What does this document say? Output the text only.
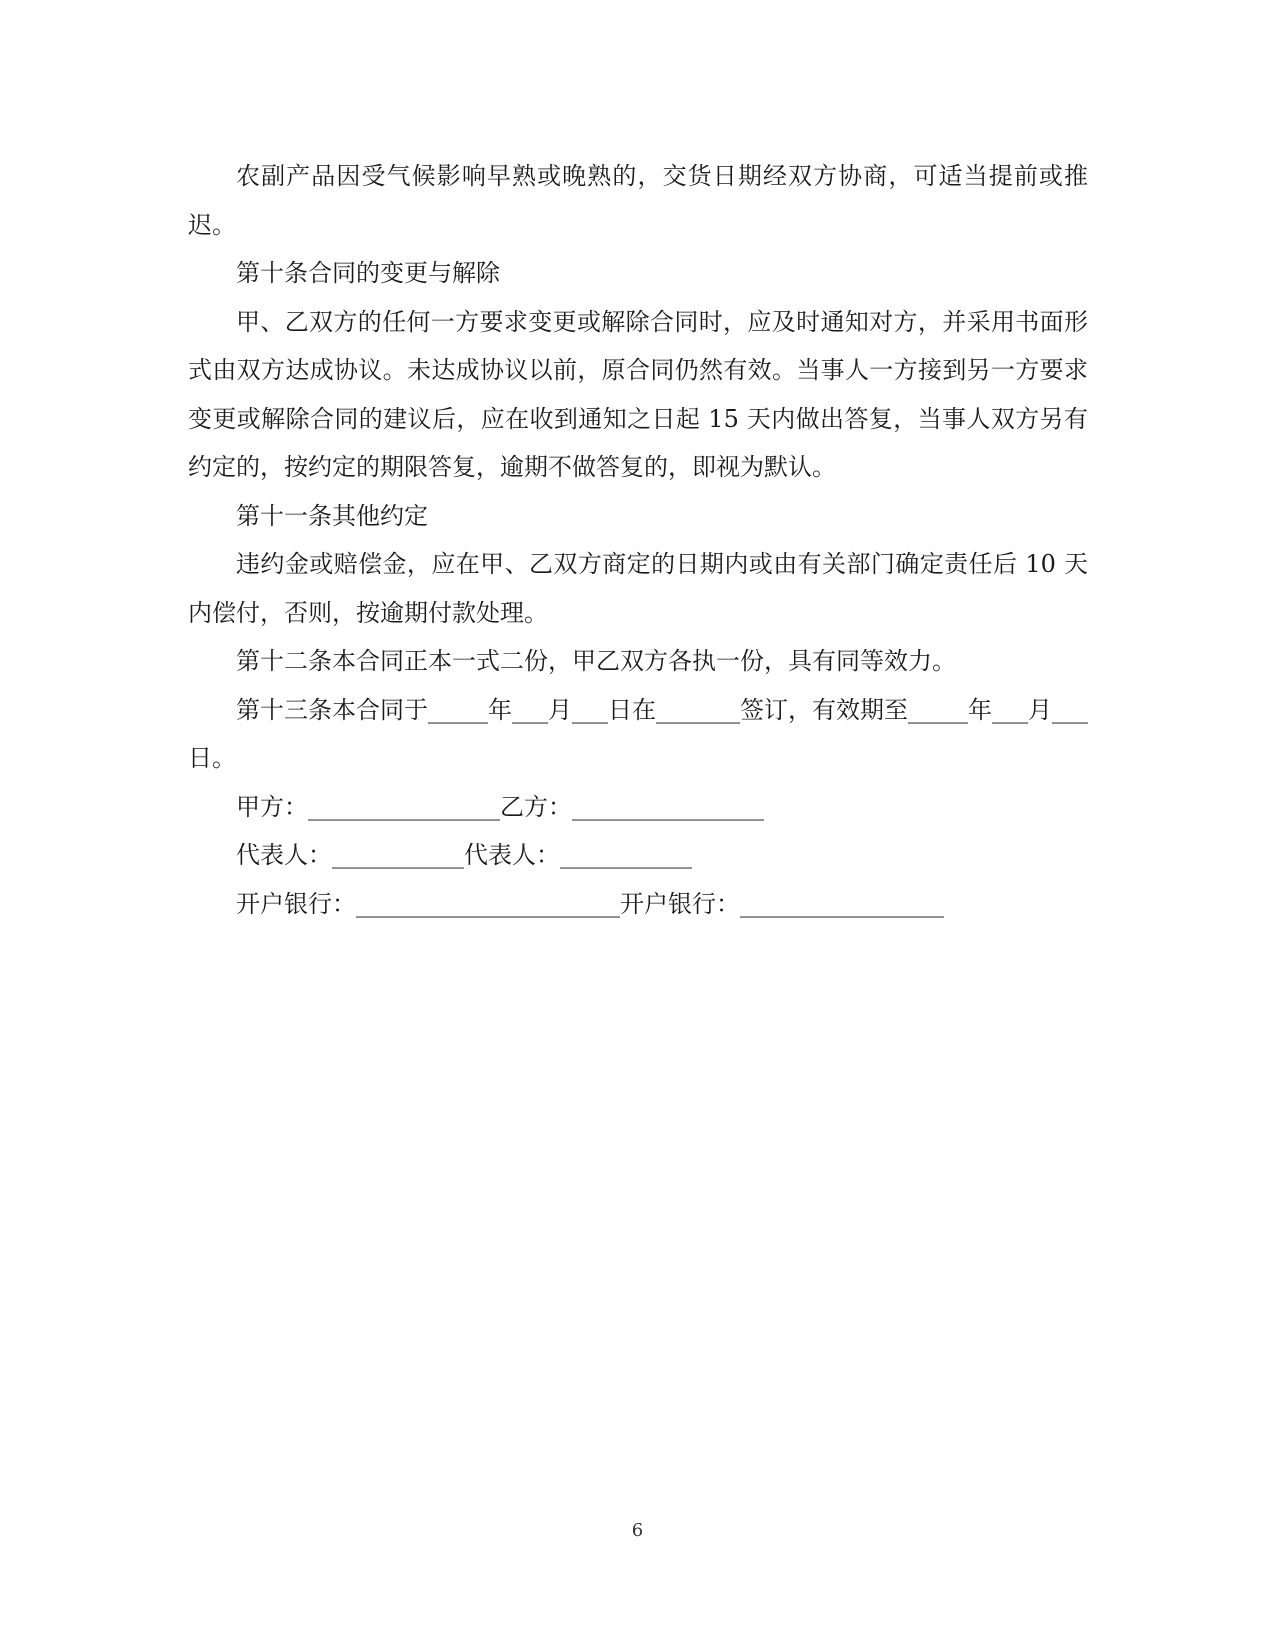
农副产品因受气候影响早熟或晚熟的，交货日期经双方协商，可适当提前或推迟。

第十条合同的变更与解除

甲、乙双方的任何一方要求变更或解除合同时，应及时通知对方，并采用书面形式由双方达成协议。未达成协议以前，原合同仍然有效。当事人一方接到另一方要求变更或解除合同的建议后，应在收到通知之日起 15 天内做出答复，当事人双方另有约定的，按约定的期限答复，逾期不做答复的，即视为默认。

第十一条其他约定

违约金或赔偿金，应在甲、乙双方商定的日期内或由有关部门确定责任后 10 天内偿付，否则，按逾期付款处理。

第十二条本合同正本一式二份，甲乙双方各执一份，具有同等效力。

第十三条本合同于_____年___月___日在_______签订，有效期至_____年___月___日。

甲方：________________乙方：________________

代表人：___________代表人：___________

开户银行：______________________开户银行：_________________

6
